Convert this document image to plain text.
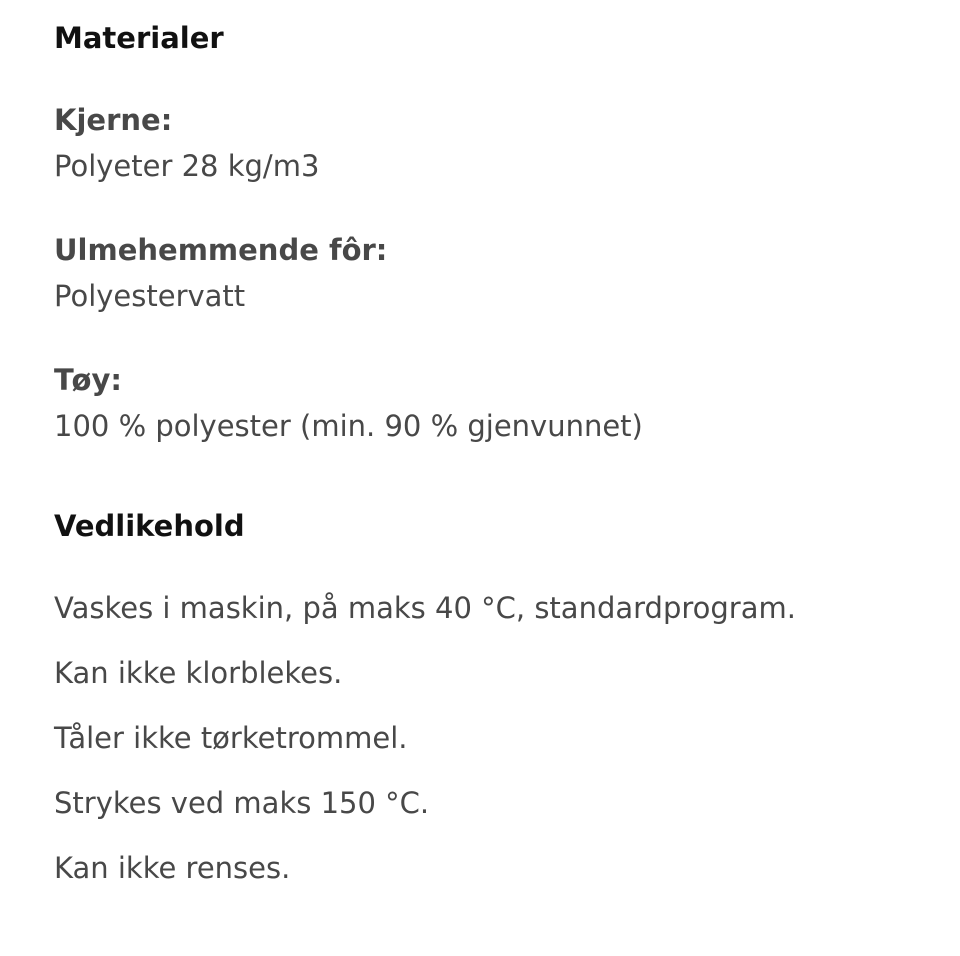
Materialer

Kjerne:

Polyeter 28 kg/m3

Ulmehemmende fôr:

Polyestervatt

Tøy:

100 % polyester (min. 90 % gjenvunnet)

Vedlikehold
Vaskes i maskin, på maks 40 °C, standardprogram.
Kan ikke klorblekes.
Tåler ikke tørketrommel.
Strykes ved maks 150 °C.
Kan ikke renses.
